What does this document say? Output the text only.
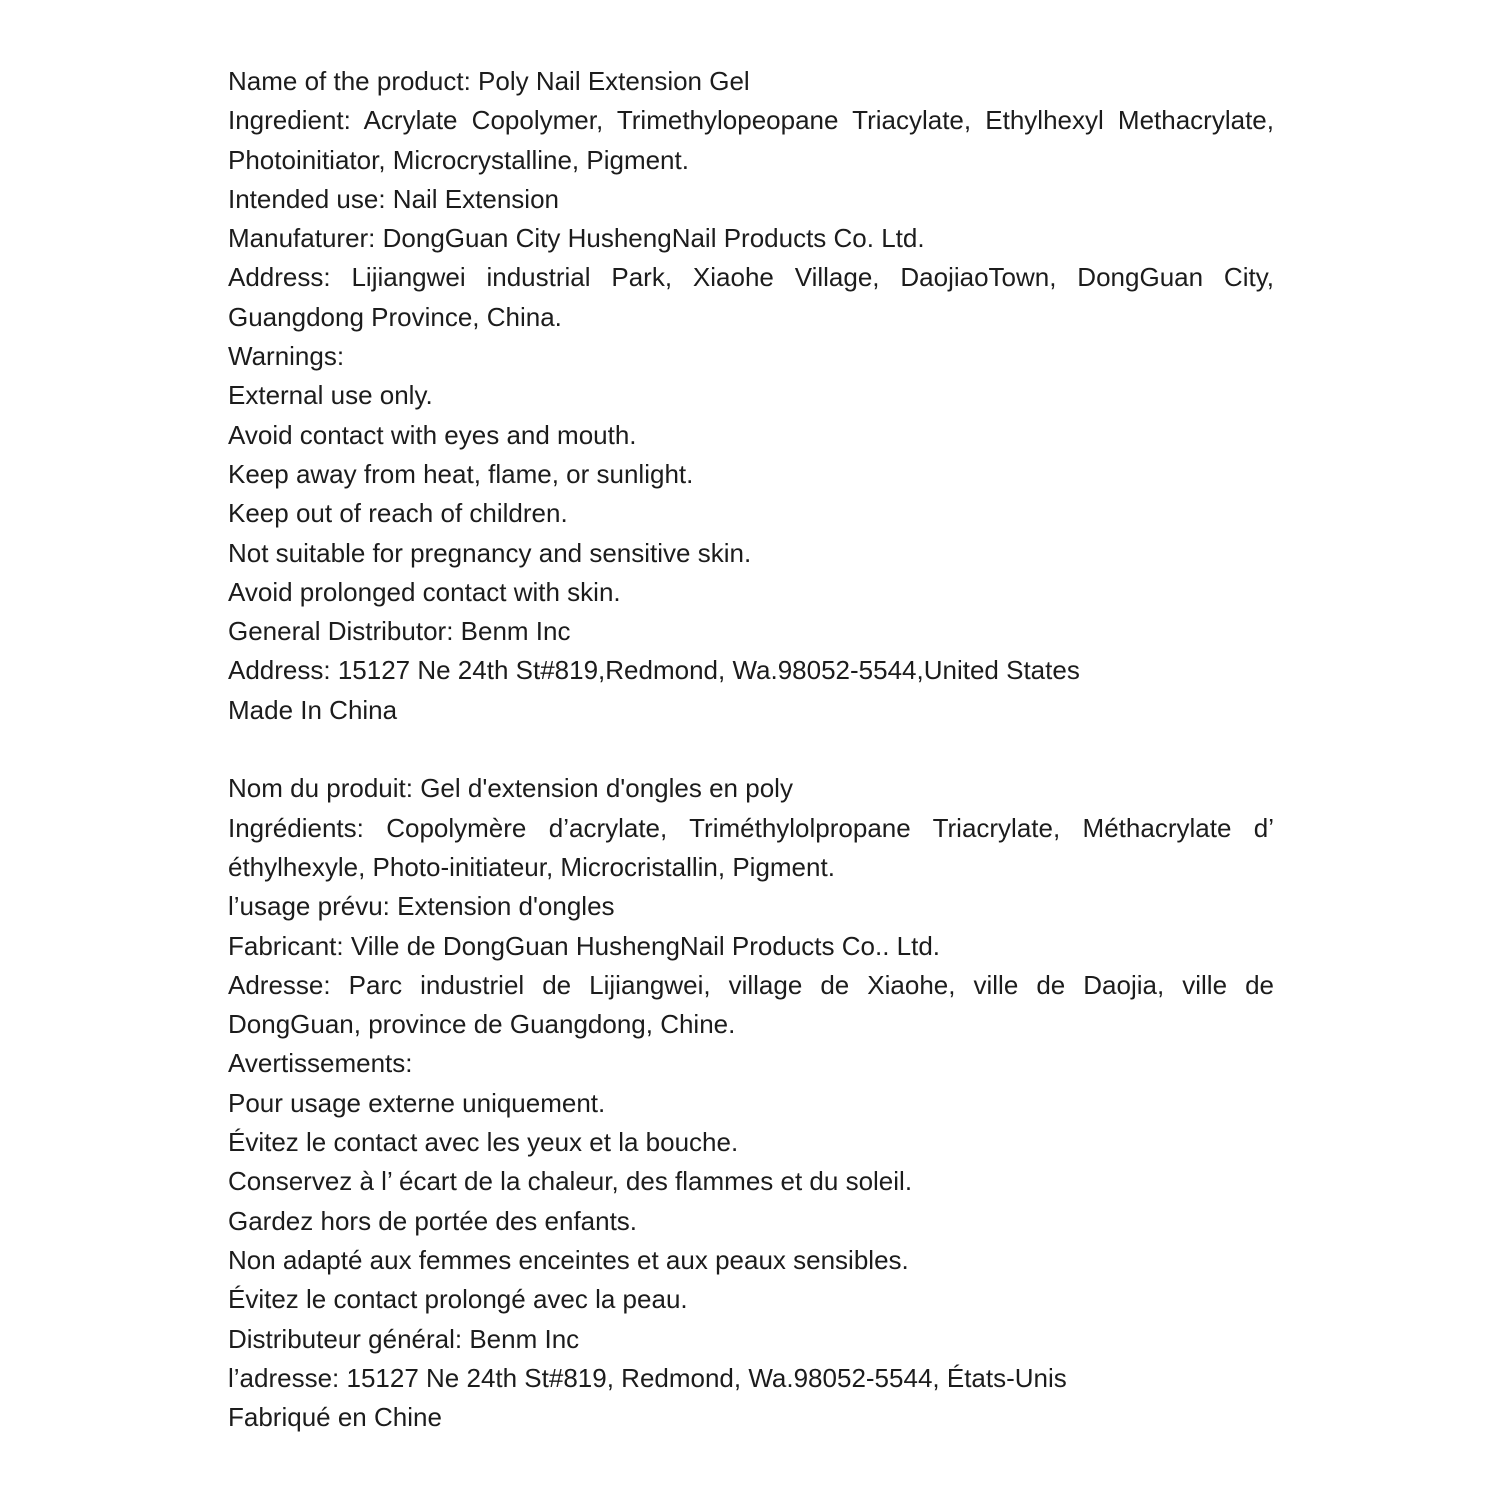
Name of the product: Poly Nail Extension Gel

Ingredient: Acrylate Copolymer, Trimethylopeopane Triacylate, Ethylhexyl Methacrylate, Photoinitiator, Microcrystalline, Pigment.

Intended use: Nail Extension

Manufaturer: DongGuan City HushengNail Products Co. Ltd.

Address: Lijiangwei industrial Park, Xiaohe Village, DaojiaoTown, DongGuan City, Guangdong Province, China.

Warnings:

External use only.

Avoid contact with eyes and mouth.

Keep away from heat, flame, or sunlight.

Keep out of reach of children.

Not suitable for pregnancy and sensitive skin.

Avoid prolonged contact with skin.

General Distributor: Benm Inc

Address: 15127 Ne 24th St#819,Redmond, Wa.98052-5544,United States

Made In China

Nom du produit: Gel d'extension d'ongles en poly

Ingrédients: Copolymère d’acrylate, Triméthylolpropane Triacrylate, Méthacrylate d’ éthylhexyle, Photo-initiateur, Microcristallin, Pigment.

l’usage prévu: Extension d'ongles

Fabricant: Ville de DongGuan HushengNail Products Co.. Ltd.

Adresse: Parc industriel de Lijiangwei, village de Xiaohe, ville de Daojia, ville de DongGuan, province de Guangdong, Chine.

Avertissements:

Pour usage externe uniquement.

Évitez le contact avec les yeux et la bouche.

Conservez à l’ écart de la chaleur, des flammes et du soleil.

Gardez hors de portée des enfants.

Non adapté aux femmes enceintes et aux peaux sensibles.

Évitez le contact prolongé avec la peau.

Distributeur général: Benm Inc

l’adresse: 15127 Ne 24th St#819, Redmond, Wa.98052-5544, États-Unis

Fabriqué en Chine
